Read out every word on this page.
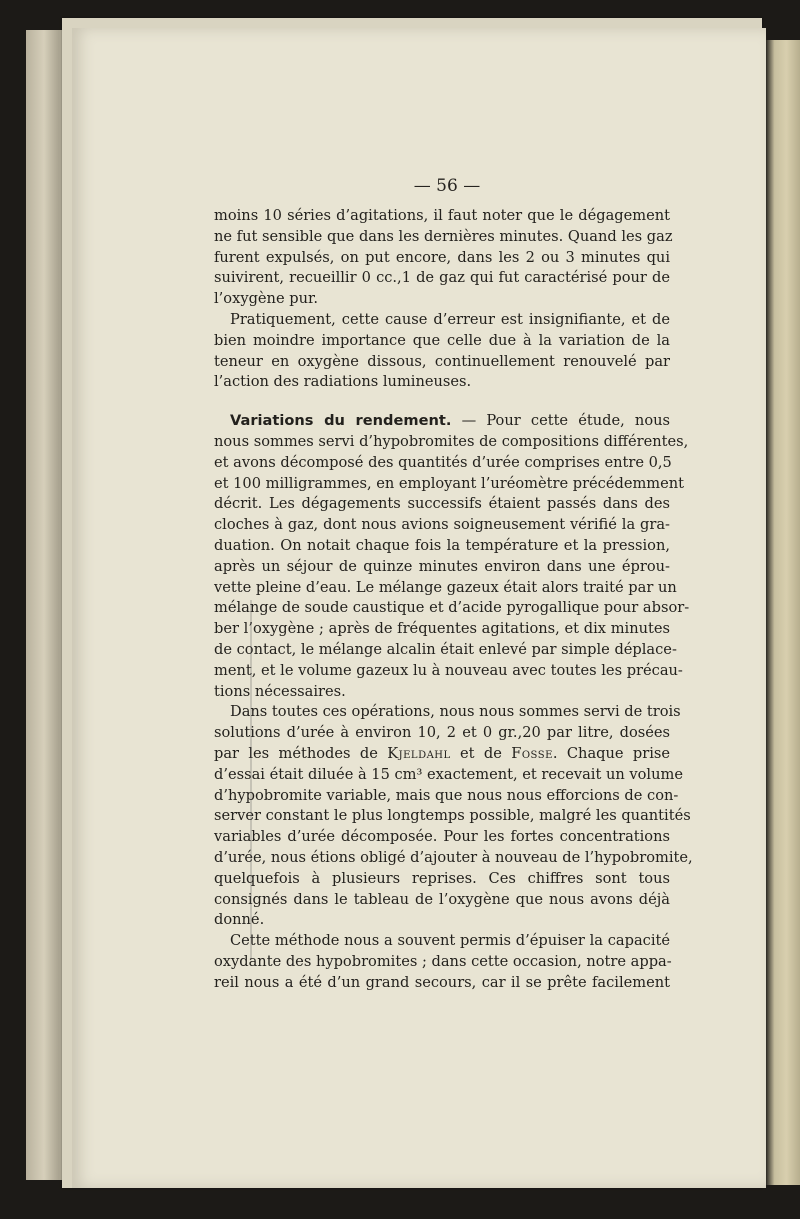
— 56 —
moins 10 séries d’agitations, il faut noter que le dégagement
ne fut sensible que dans les dernières minutes. Quand les gaz
furent expulsés, on put encore, dans les 2 ou 3 minutes qui
suivirent, recueillir 0 cc.,1 de gaz qui fut caractérisé pour de
l’oxygène pur.
Pratiquement, cette cause d’erreur est insignifiante, et de
bien moindre importance que celle due à la variation de la
teneur en oxygène dissous, continuellement renouvelé par
l’action des radiations lumineuses.
Variations du rendement. — Pour cette étude, nous
nous sommes servi d’hypobromites de compositions différentes,
et avons décomposé des quantités d’urée comprises entre 0,5
et 100 milligrammes, en employant l’uréomètre précédemment
décrit. Les dégagements successifs étaient passés dans des
cloches à gaz, dont nous avions soigneusement vérifié la gra-
duation. On notait chaque fois la température et la pression,
après un séjour de quinze minutes environ dans une éprou-
vette pleine d’eau. Le mélange gazeux était alors traité par un
mélange de soude caustique et d’acide pyrogallique pour absor-
ber l’oxygène ; après de fréquentes agitations, et dix minutes
de contact, le mélange alcalin était enlevé par simple déplace-
ment, et le volume gazeux lu à nouveau avec toutes les précau-
tions nécessaires.
Dans toutes ces opérations, nous nous sommes servi de trois
solutions d’urée à environ 10, 2 et 0 gr.,20 par litre, dosées
par les méthodes de Kjeldahl et de Fosse. Chaque prise
d’essai était diluée à 15 cm³ exactement, et recevait un volume
d’hypobromite variable, mais que nous nous efforcions de con-
server constant le plus longtemps possible, malgré les quantités
variables d’urée décomposée. Pour les fortes concentrations
d’urée, nous étions obligé d’ajouter à nouveau de l’hypobromite,
quelquefois à plusieurs reprises. Ces chiffres sont tous
consignés dans le tableau de l’oxygène que nous avons déjà
donné.
Cette méthode nous a souvent permis d’épuiser la capacité
oxydante des hypobromites ; dans cette occasion, notre appa-
reil nous a été d’un grand secours, car il se prête facilement
